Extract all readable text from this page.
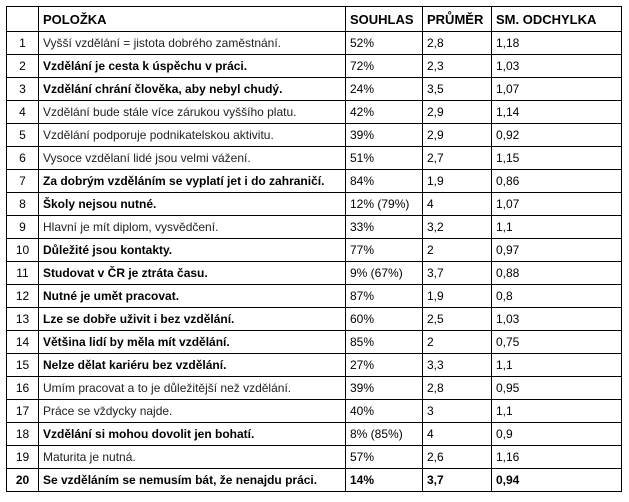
	POLOŽKA	SOUHLAS	PRŮMĚR	SM. ODCHYLKA
1	Vyšší vzdělání = jistota dobrého zaměstnání.	52%	2,8	1,18
2	Vzdělání je cesta k úspěchu v práci.	72%	2,3	1,03
3	Vzdělání chrání člověka, aby nebyl chudý.	24%	3,5	1,07
4	Vzdělání bude stále více zárukou vyššího platu.	42%	2,9	1,14
5	Vzdělání podporuje podnikatelskou aktivitu.	39%	2,9	0,92
6	Vysoce vzdělaní lidé jsou velmi vážení.	51%	2,7	1,15
7	Za dobrým vzděláním se vyplatí jet i do zahraničí.	84%	1,9	0,86
8	Školy nejsou nutné.	12% (79%)	4	1,07
9	Hlavní je mít diplom, vysvědčení.	33%	3,2	1,1
10	Důležité jsou kontakty.	77%	2	0,97
11	Studovat v ČR je ztráta času.	9% (67%)	3,7	0,88
12	Nutné je umět pracovat.	87%	1,9	0,8
13	Lze se dobře uživit i bez vzdělání.	60%	2,5	1,03
14	Většina lidí by měla mít vzdělání.	85%	2	0,75
15	Nelze dělat kariéru bez vzdělání.	27%	3,3	1,1
16	Umím pracovat a to je důležitější než vzdělání.	39%	2,8	0,95
17	Práce se vždycky najde.	40%	3	1,1
18	Vzdělání si mohou dovolit jen bohatí.	8% (85%)	4	0,9
19	Maturita je nutná.	57%	2,6	1,16
20	Se vzděláním se nemusím bát, že nenajdu práci.	14%	3,7	0,94
